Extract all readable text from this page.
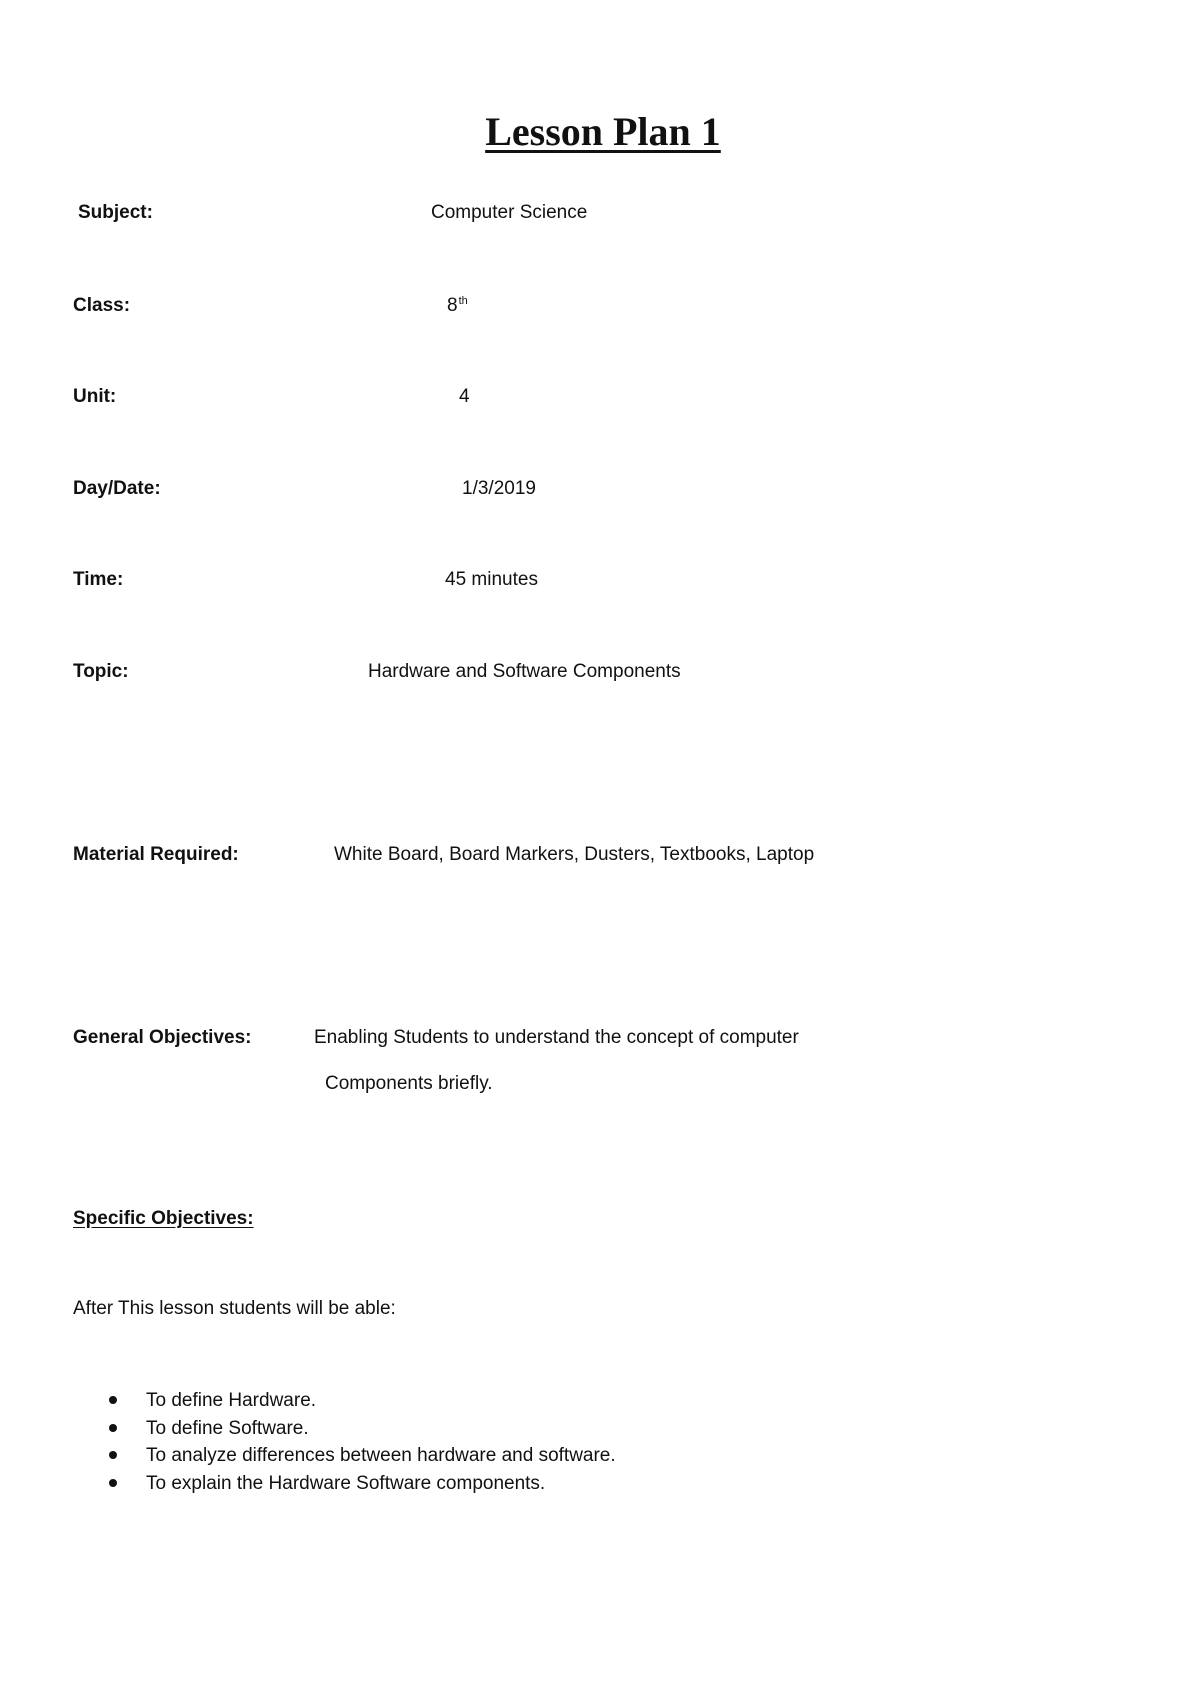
Lesson Plan 1
Subject:	Computer Science
Class:	8th
Unit:	4
Day/Date:	1/3/2019
Time:	45 minutes
Topic:	Hardware and Software Components
Material Required:	White Board, Board Markers, Dusters, Textbooks, Laptop
General Objectives:	Enabling Students to understand the concept of computer
Components briefly.
Specific Objectives:
After This lesson students will be able:
To define Hardware.
To define Software.
To analyze differences between hardware and software.
To explain the Hardware Software components.
